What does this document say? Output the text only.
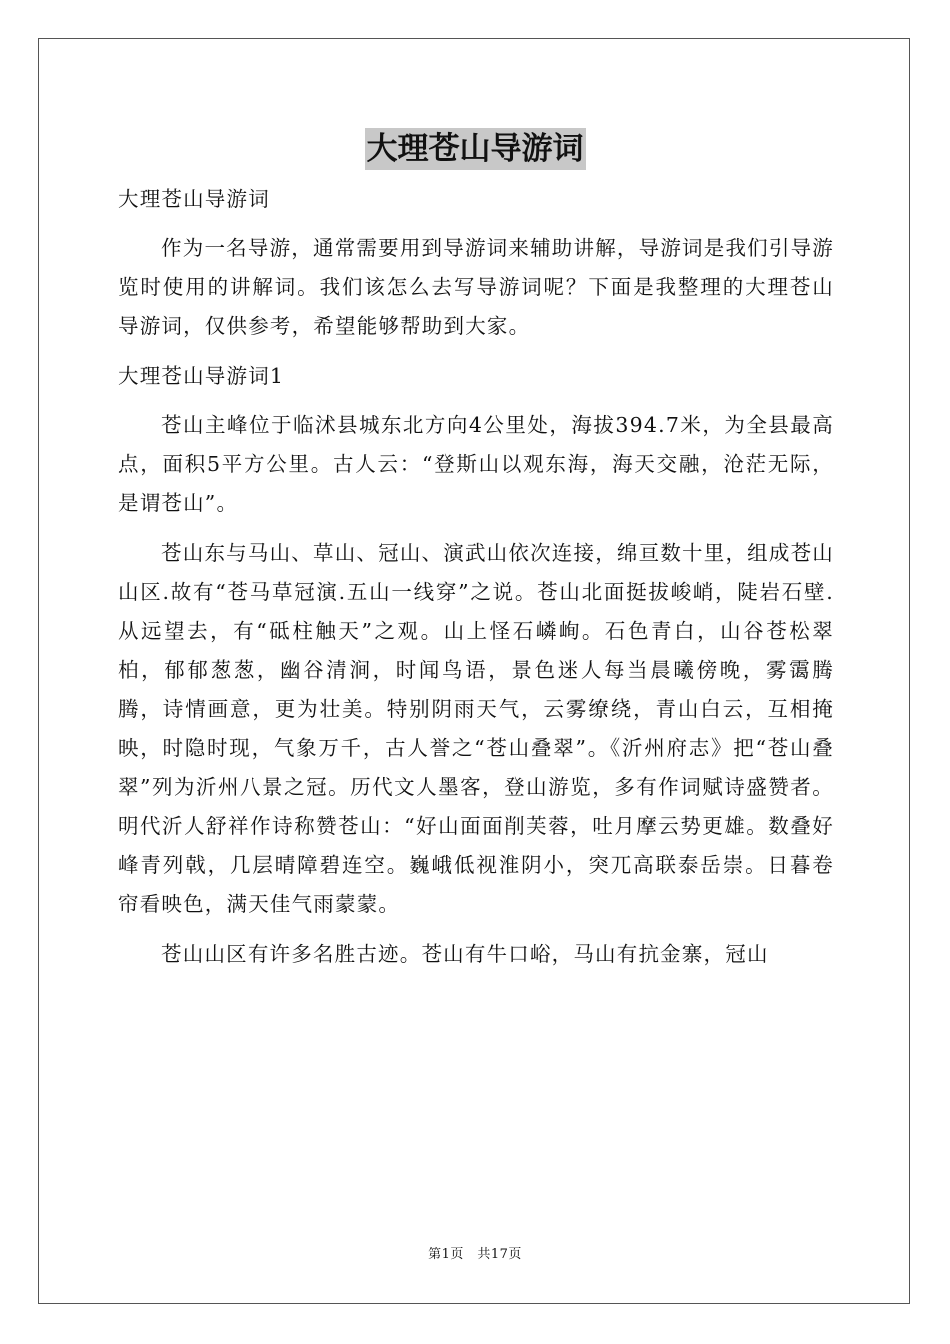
大理苍山导游词

大理苍山导游词

作为一名导游，通常需要用到导游词来辅助讲解，导游词是我们引导游览时使用的讲解词。我们该怎么去写导游词呢？下面是我整理的大理苍山导游词，仅供参考，希望能够帮助到大家。

大理苍山导游词1

苍山主峰位于临沭县城东北方向4公里处，海拔394.7米，为全县最高点，面积5平方公里。古人云：“登斯山以观东海，海天交融，沧茫无际，是谓苍山”。

苍山东与马山、草山、冠山、演武山依次连接，绵亘数十里，组成苍山山区.故有“苍马草冠演.五山一线穿”之说。苍山北面挺拔峻峭，陡岩石壁.从远望去，有“砥柱触天”之观。山上怪石嶙峋。石色青白，山谷苍松翠柏，郁郁葱葱，幽谷清涧，时闻鸟语，景色迷人每当晨曦傍晚，雾霭腾腾，诗情画意，更为壮美。特别阴雨天气，云雾缭绕，青山白云，互相掩映，时隐时现，气象万千，古人誉之“苍山叠翠”。《沂州府志》把“苍山叠翠”列为沂州八景之冠。历代文人墨客，登山游览，多有作词赋诗盛赞者。明代沂人舒祥作诗称赞苍山：“好山面面削芙蓉，吐月摩云势更雄。数叠好峰青列戟，几层晴障碧连空。巍峨低视淮阴小，突兀高联泰岳崇。日暮卷帘看映色，满天佳气雨蒙蒙。

苍山山区有许多名胜古迹。苍山有牛口峪，马山有抗金寨，冠山

第1页　共17页
